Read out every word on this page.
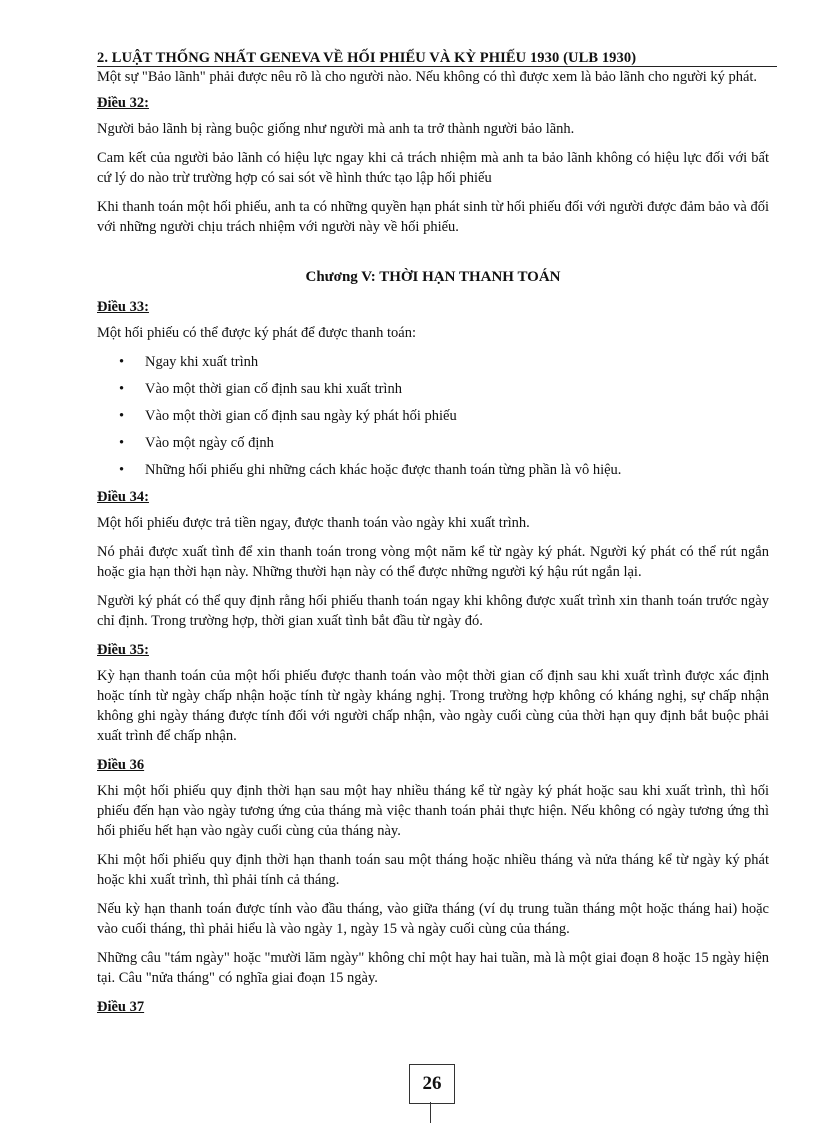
2. LUẬT THỐNG NHẤT GENEVA VỀ HỐI PHIẾU VÀ KỲ PHIẾU 1930 (ULB 1930)

Một sự "Bảo lãnh" phải được nêu rõ là cho người nào. Nếu không có thì được xem là bảo lãnh cho người ký phát.

Điều 32:

Người bảo lãnh bị ràng buộc giống như người mà anh ta trở thành người bảo lãnh.

Cam kết của người bảo lãnh có hiệu lực ngay khi cả trách nhiệm mà anh ta bảo lãnh không có hiệu lực đối với bất cứ lý do nào trừ trường hợp có sai sót về hình thức tạo lập hối phiếu

Khi thanh toán một hối phiếu, anh ta có những quyền hạn phát sinh từ hối phiếu đối với người được đảm bảo và đối với những người chịu trách nhiệm với người này về hối phiếu.

Chương V: THỜI HẠN THANH TOÁN
Điều 33:

Một hối phiếu có thể được ký phát để được thanh toán:

• Ngay khi xuất trình
• Vào một thời gian cố định sau khi xuất trình
• Vào một thời gian cố định sau ngày ký phát hối phiếu
• Vào một ngày cố định
• Những hối phiếu ghi những cách khác hoặc được thanh toán từng phần là vô hiệu.
Điều 34:

Một hối phiếu được trả tiền ngay, được thanh toán vào ngày khi xuất trình.

Nó phải được xuất tình để xin thanh toán trong vòng một năm kể từ ngày ký phát. Người ký phát có thể rút ngắn hoặc gia hạn thời hạn này. Những thười hạn này có thể được những người ký hậu rút ngắn lại.

Người ký phát có thể quy định rằng hối phiếu thanh toán ngay khi không được xuất trình xin thanh toán trước ngày chỉ định. Trong trường hợp, thời gian xuất tình bắt đầu từ ngày đó.

Điều 35:

Kỳ hạn thanh toán của một hối phiếu được thanh toán vào một thời gian cố định sau khi xuất trình được xác định hoặc tính từ ngày chấp nhận hoặc tính từ ngày kháng nghị. Trong trường hợp không có kháng nghị, sự chấp nhận không ghi ngày tháng được tính đối với người chấp nhận, vào ngày cuối cùng của thời hạn quy định bắt buộc phải xuất trình để chấp nhận.

Điều 36

Khi một hối phiếu quy định thời hạn sau một hay nhiều tháng kể từ ngày ký phát hoặc sau khi xuất trình, thì hối phiếu đến hạn vào ngày tương ứng của tháng mà việc thanh toán phải thực hiện. Nếu không có ngày tương ứng thì hối phiếu hết hạn vào ngày cuối cùng của tháng này.

Khi một hối phiếu quy định thời hạn thanh toán sau một tháng hoặc nhiều tháng và nửa tháng kể từ ngày ký phát hoặc khi xuất trình, thì phải tính cả tháng.

Nếu kỳ hạn thanh toán được tính vào đầu tháng, vào giữa tháng (ví dụ trung tuần tháng một hoặc tháng hai) hoặc vào cuối tháng, thì phải hiểu là vào ngày 1, ngày 15 và ngày cuối cùng của tháng.

Những câu "tám ngày" hoặc "mười lăm ngày" không chỉ một hay hai tuần, mà là một giai đoạn 8 hoặc 15 ngày hiện tại. Câu "nửa tháng" có nghĩa giai đoạn 15 ngày.

Điều 37
26
